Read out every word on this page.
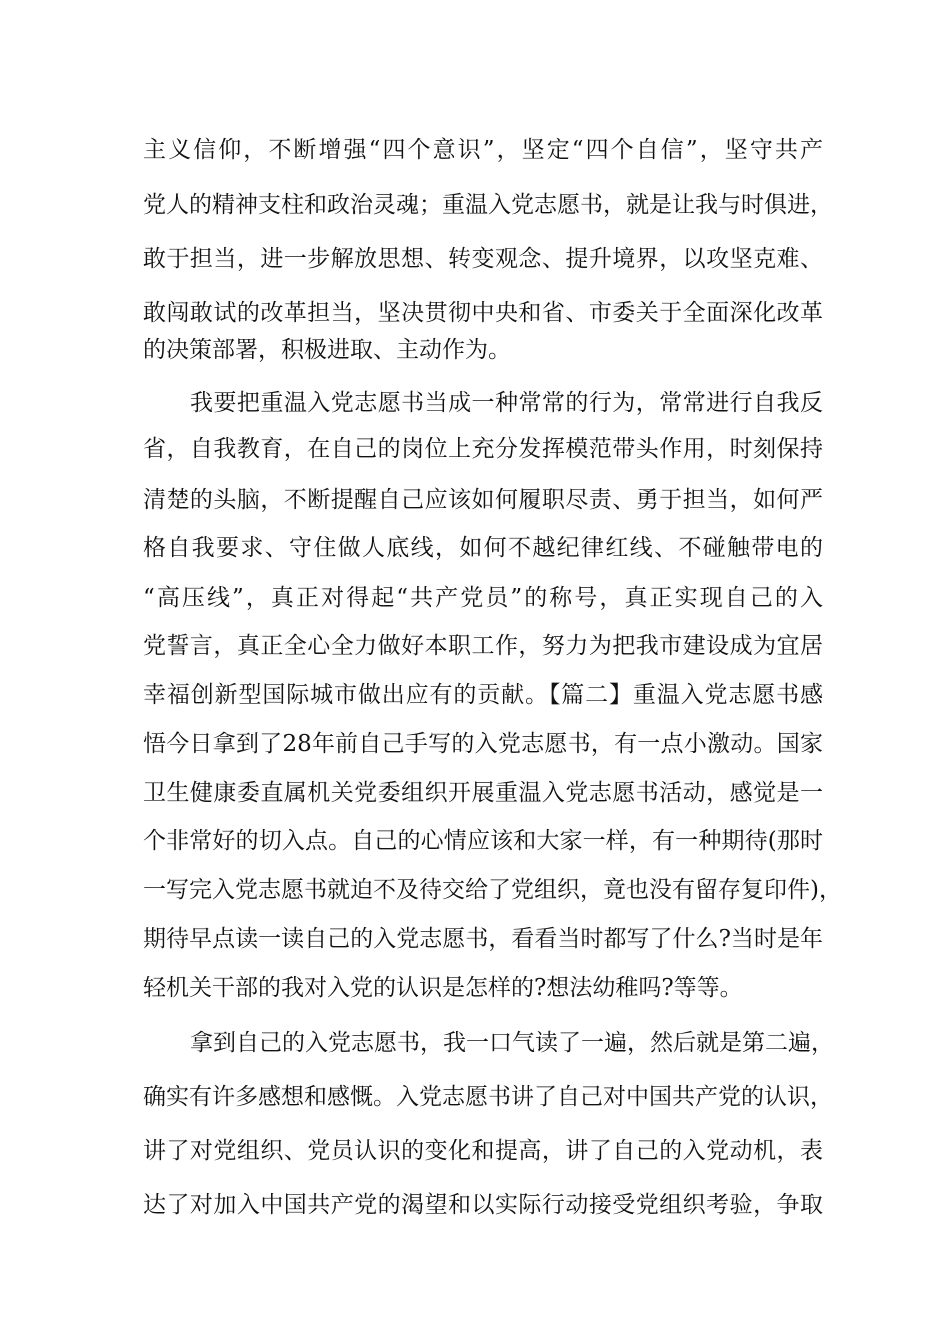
主义信仰，不断增强“四个意识”，坚定“四个自信”，坚守共产
党人的精神支柱和政治灵魂；重温入党志愿书，就是让我与时俱进，
敢于担当，进一步解放思想、转变观念、提升境界，以攻坚克难、
敢闯敢试的改革担当，坚决贯彻中央和省、市委关于全面深化改革
的决策部署，积极进取、主动作为。
我要把重温入党志愿书当成一种常常的行为，常常进行自我反
省，自我教育，在自己的岗位上充分发挥模范带头作用，时刻保持
清楚的头脑，不断提醒自己应该如何履职尽责、勇于担当，如何严
格自我要求、守住做人底线，如何不越纪律红线、不碰触带电的
“高压线”，真正对得起“共产党员”的称号，真正实现自己的入
党誓言，真正全心全力做好本职工作，努力为把我市建设成为宜居
幸福创新型国际城市做出应有的贡献。【篇二】重温入党志愿书感
悟今日拿到了28年前自己手写的入党志愿书，有一点小激动。国家
卫生健康委直属机关党委组织开展重温入党志愿书活动，感觉是一
个非常好的切入点。自己的心情应该和大家一样，有一种期待(那时
一写完入党志愿书就迫不及待交给了党组织，竟也没有留存复印件)，
期待早点读一读自己的入党志愿书，看看当时都写了什么?当时是年
轻机关干部的我对入党的认识是怎样的?想法幼稚吗?等等。
拿到自己的入党志愿书，我一口气读了一遍，然后就是第二遍，
确实有许多感想和感慨。入党志愿书讲了自己对中国共产党的认识，
讲了对党组织、党员认识的变化和提高，讲了自己的入党动机，表
达了对加入中国共产党的渴望和以实际行动接受党组织考验，争取
